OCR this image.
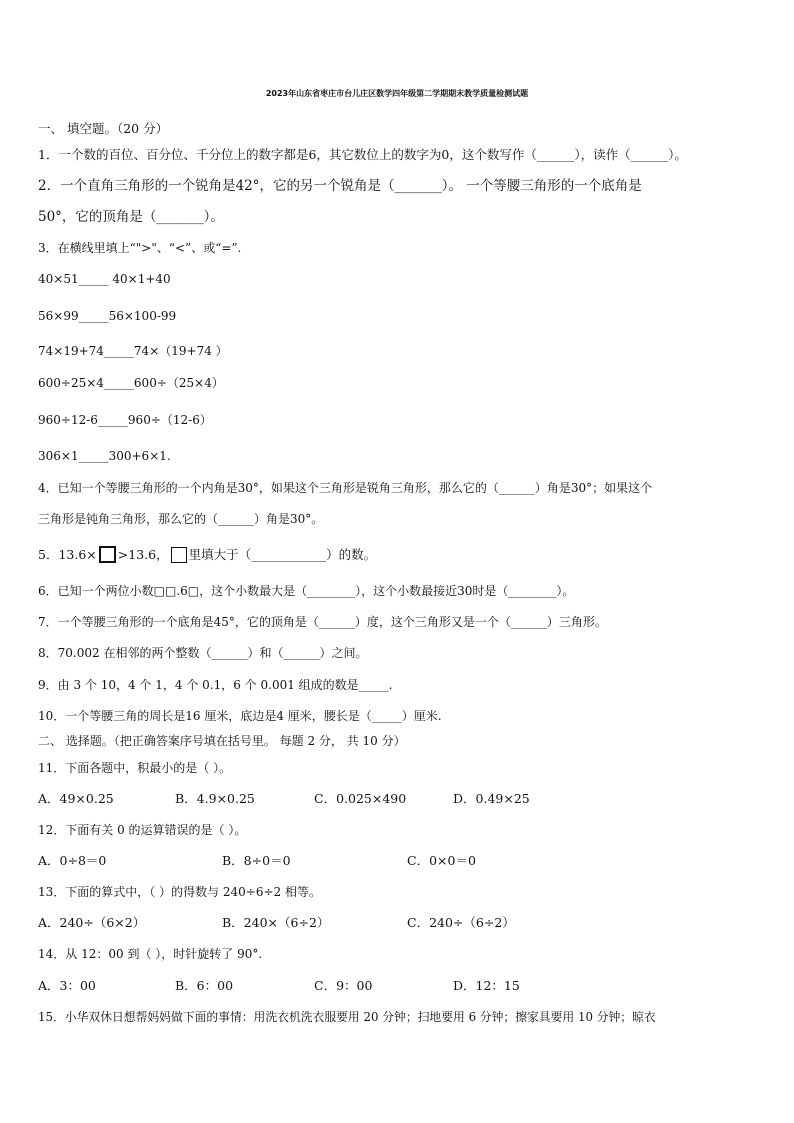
2023年山东省枣庄市台儿庄区数学四年级第二学期期末教学质量检测试题
一、 填空题。（20 分）
1．一个数的百位、百分位、千分位上的数字都是6，其它数位上的数字为0，这个数写作（______），读作（______）。
2．一个直角三角形的一个锐角是42°，它的另一个锐角是（_______）。 一个等腰三角形的一个底角是
50°，它的顶角是（_______）。
3．在横线里填上“">"、“<”、或“=”.
40×51_____ 40×1+40
56×99_____56×100-99
74×19+74_____74×（19+74 ）
600÷25×4_____600÷（25×4）
960÷12-6_____960÷（12-6）
306×1_____300+6×1.
4．已知一个等腰三角形的一个内角是30°，如果这个三角形是锐角三角形，那么它的（______）角是30°；如果这个
三角形是钝角三角形，那么它的（______）角是30°。
5．13.6× >13.6， 里填大于（____________）的数。
6．已知一个两位小数□□.6□，这个小数最大是（________），这个小数最接近30时是（________）。
7．一个等腰三角形的一个底角是45°，它的顶角是（______）度，这个三角形又是一个（______）三角形。
8．70.002 在相邻的两个整数（______）和（______）之间。
9．由 3 个 10，4 个 1，4 个 0.1，6 个 0.001 组成的数是_____.
10．一个等腰三角的周长是16 厘米，底边是4 厘米，腰长是（_____）厘米.
二、 选择题。（把正确答案序号填在括号里。 每题 2 分， 共 10 分）
11．下面各题中，积最小的是（ ）。
A．49×0.25	B．4.9×0.25	C．0.025×490	D．0.49×25
12．下面有关 0 的运算错误的是（ ）。
A．0÷8＝0	B．8÷0＝0	C．0×0＝0
13．下面的算式中，（ ）的得数与 240÷6÷2 相等。
A．240÷（6×2）	B．240×（6÷2）	C．240÷（6÷2）
14．从 12：00 到（ ），时针旋转了 90°.
A．3：00	B．6：00	C．9：00	D．12：15
15．小华双休日想帮妈妈做下面的事情：用洗衣机洗衣服要用 20 分钟；扫地要用 6 分钟；擦家具要用 10 分钟；晾衣
